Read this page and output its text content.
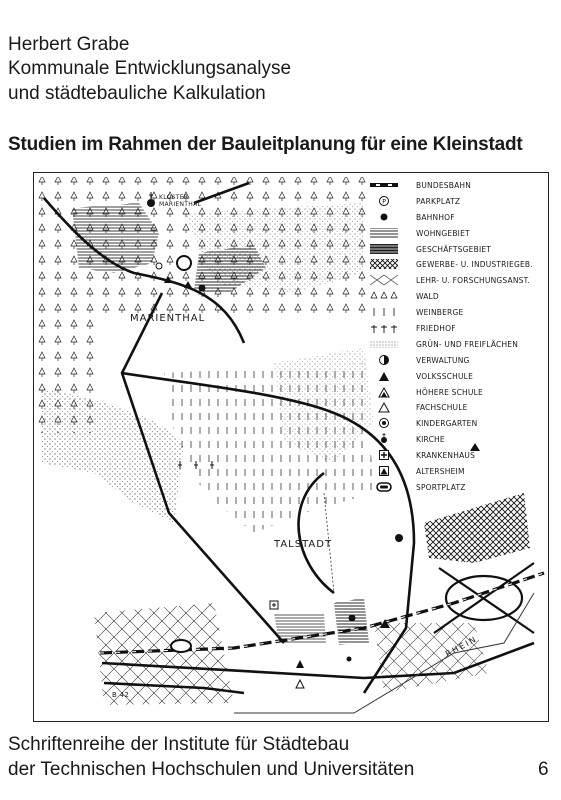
Herbert Grabe
Kommunale Entwicklungsanalyse
und städtebauliche Kalkulation
Studien im Rahmen der Bauleitplanung für eine Kleinstadt
BUNDESBAHN
P	PARKPLATZ
BAHNHOF
WOHNGEBIET
GESCHÄFTSGEBIET
GEWERBE- U. INDUSTRIEGEB.
LEHR- U. FORSCHUNGSANST.
WALD
WEINBERGE
FRIEDHOF
GRÜN- UND FREIFLÄCHEN
VERWALTUNG
VOLKSSCHULE
HÖHERE SCHULE
FACHSCHULE
KINDERGARTEN
KIRCHE
KRANKENHAUS
ALTERSHEIM
SPORTPLATZ
MARIENTHAL
TALSTADT
KLOSTER
MARIENTHAL
RHEIN
B 42
Schriftenreihe der Institute für Städtebau
der Technischen Hochschulen und Universitäten	6
